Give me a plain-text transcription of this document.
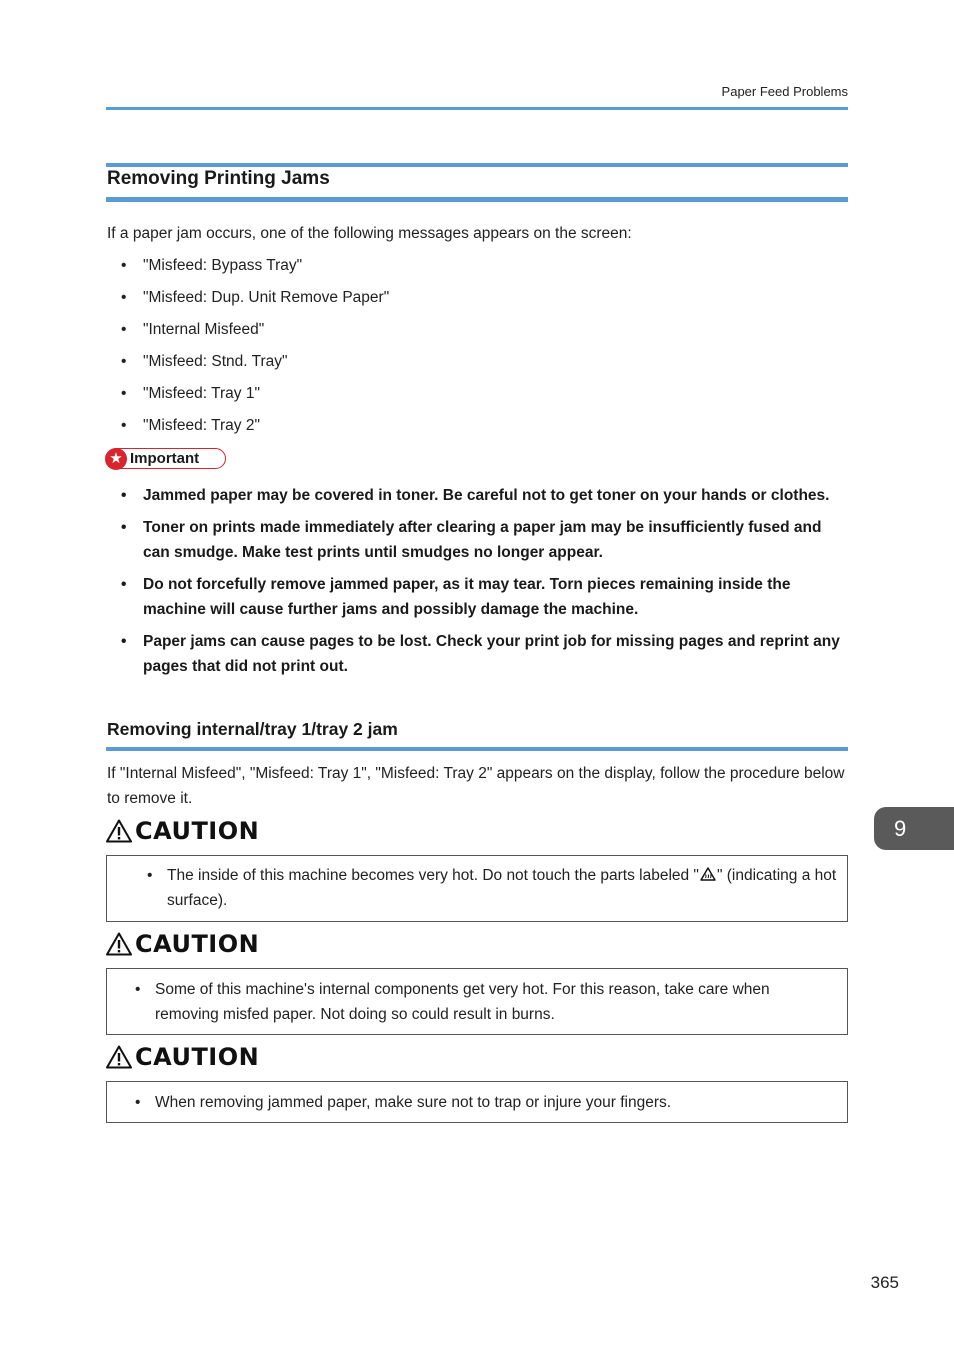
Paper Feed Problems
Removing Printing Jams
If a paper jam occurs, one of the following messages appears on the screen:
• "Misfeed: Bypass Tray"
• "Misfeed: Dup. Unit Remove Paper"
• "Internal Misfeed"
• "Misfeed: Stnd. Tray"
• "Misfeed: Tray 1"
• "Misfeed: Tray 2"
★ Important
• Jammed paper may be covered in toner. Be careful not to get toner on your hands or clothes.
• Toner on prints made immediately after clearing a paper jam may be insufficiently fused and can smudge. Make test prints until smudges no longer appear.
• Do not forcefully remove jammed paper, as it may tear. Torn pieces remaining inside the machine will cause further jams and possibly damage the machine.
• Paper jams can cause pages to be lost. Check your print job for missing pages and reprint any pages that did not print out.
Removing internal/tray 1/tray 2 jam
If "Internal Misfeed", "Misfeed: Tray 1", "Misfeed: Tray 2" appears on the display, follow the procedure below to remove it.
CAUTION
• The inside of this machine becomes very hot. Do not touch the parts labeled " " (indicating a hot surface).
CAUTION
• Some of this machine's internal components get very hot. For this reason, take care when removing misfed paper. Not doing so could result in burns.
CAUTION
• When removing jammed paper, make sure not to trap or injure your fingers.
9
365
